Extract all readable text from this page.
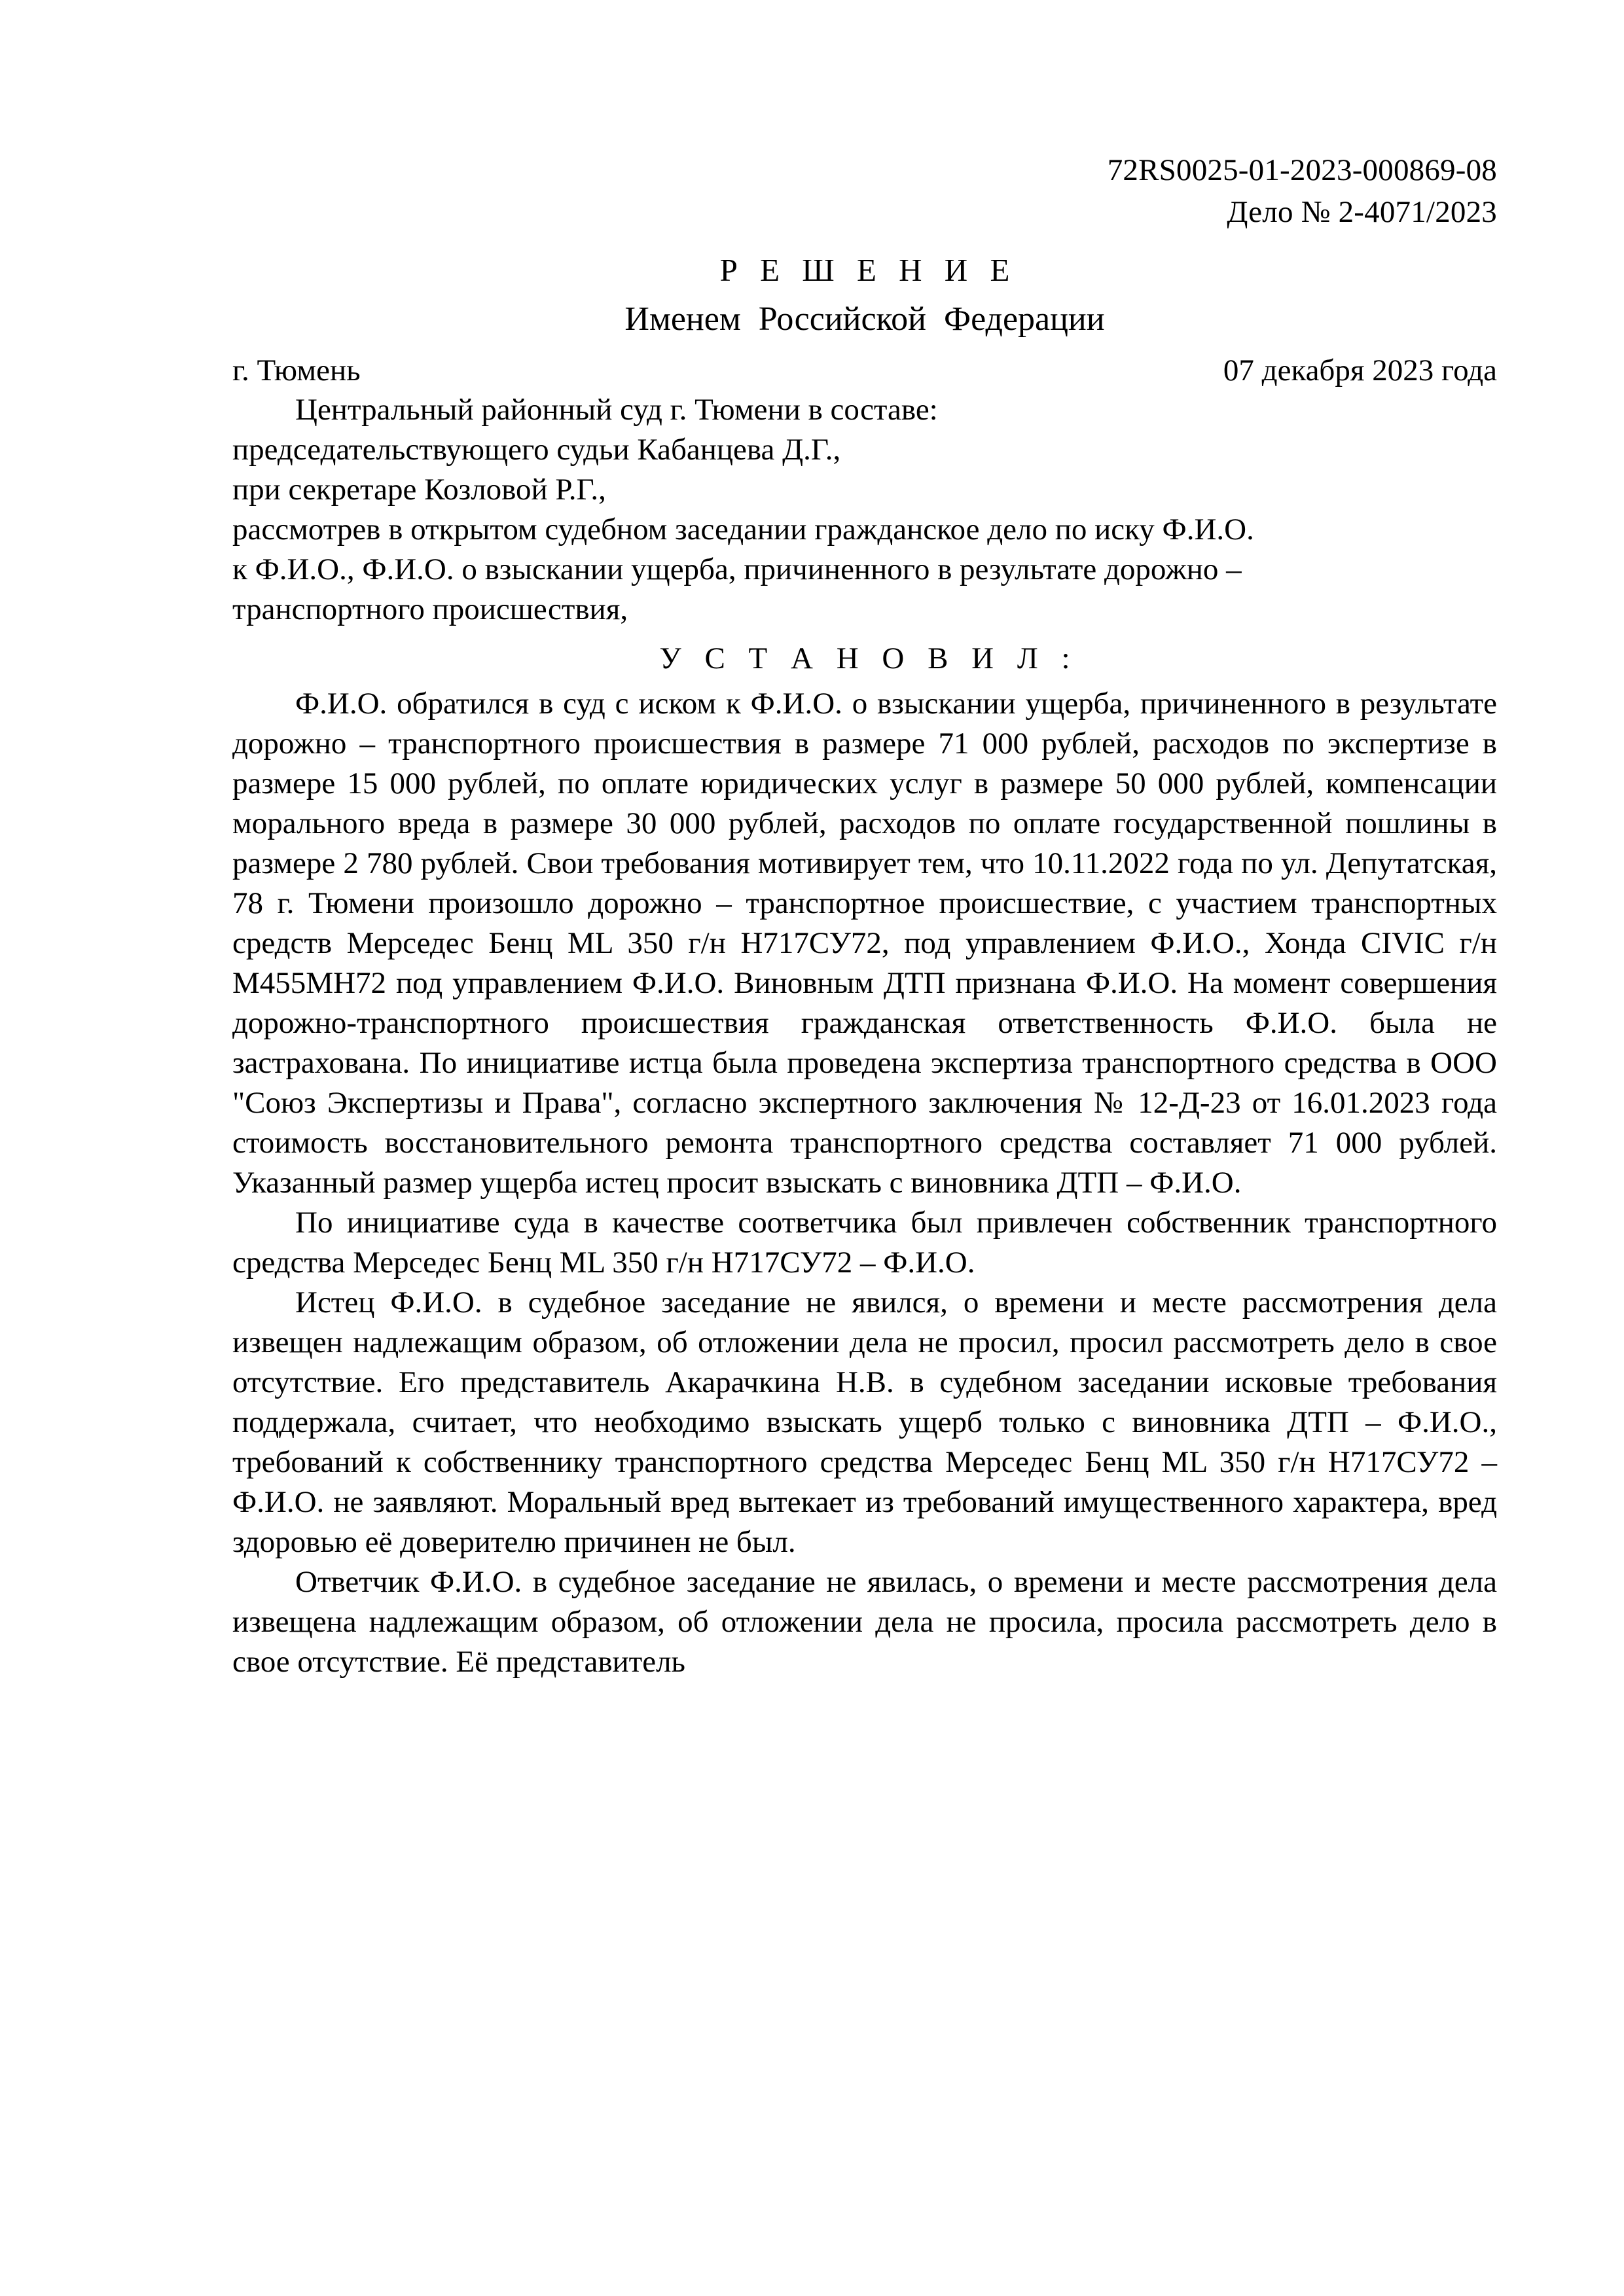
72RS0025-01-2023-000869-08
Дело № 2-4071/2023
Р Е Ш Е Н И Е
Именем Российской Федерации
г. Тюмень	07 декабря 2023 года

Центральный районный суд г. Тюмени в составе:

председательствующего судьи Кабанцева Д.Г.,

при секретаре Козловой Р.Г.,

рассмотрев в открытом судебном заседании гражданское дело по иску Ф.И.О.

к Ф.И.О., Ф.И.О. о взыскании ущерба, причиненного в результате дорожно –

транспортного происшествия,

У С Т А Н О В И Л :

Ф.И.О. обратился в суд с иском к Ф.И.О. о взыскании ущерба, причиненного в результате дорожно – транспортного происшествия в размере 71 000 рублей, расходов по экспертизе в размере 15 000 рублей, по оплате юридических услуг в размере 50 000 рублей, компенсации морального вреда в размере 30 000 рублей, расходов по оплате государственной пошлины в размере 2 780 рублей. Свои требования мотивирует тем, что 10.11.2022 года по ул. Депутатская, 78 г. Тюмени произошло дорожно – транспортное происшествие, с участием транспортных средств Мерседес Бенц ML 350 г/н Н717СУ72, под управлением Ф.И.О., Хонда CIVIC г/н М455МН72 под управлением Ф.И.О. Виновным ДТП признана Ф.И.О. На момент совершения дорожно-транспортного происшествия гражданская ответственность Ф.И.О. была не застрахована. По инициативе истца была проведена экспертиза транспортного средства в ООО "Союз Экспертизы и Права", согласно экспертного заключения № 12-Д-23 от 16.01.2023 года стоимость восстановительного ремонта транспортного средства составляет 71 000 рублей. Указанный размер ущерба истец просит взыскать с виновника ДТП – Ф.И.О.

По инициативе суда в качестве соответчика был привлечен собственник транспортного средства Мерседес Бенц ML 350 г/н Н717СУ72 – Ф.И.О.

Истец Ф.И.О. в судебное заседание не явился, о времени и месте рассмотрения дела извещен надлежащим образом, об отложении дела не просил, просил рассмотреть дело в свое отсутствие. Его представитель Акарачкина Н.В. в судебном заседании исковые требования поддержала, считает, что необходимо взыскать ущерб только с виновника ДТП – Ф.И.О., требований к собственнику транспортного средства Мерседес Бенц ML 350 г/н Н717СУ72 – Ф.И.О. не заявляют. Моральный вред вытекает из требований имущественного характера, вред здоровью её доверителю причинен не был.

Ответчик Ф.И.О. в судебное заседание не явилась, о времени и месте рассмотрения дела извещена надлежащим образом, об отложении дела не просила, просила рассмотреть дело в свое отсутствие. Её представитель
